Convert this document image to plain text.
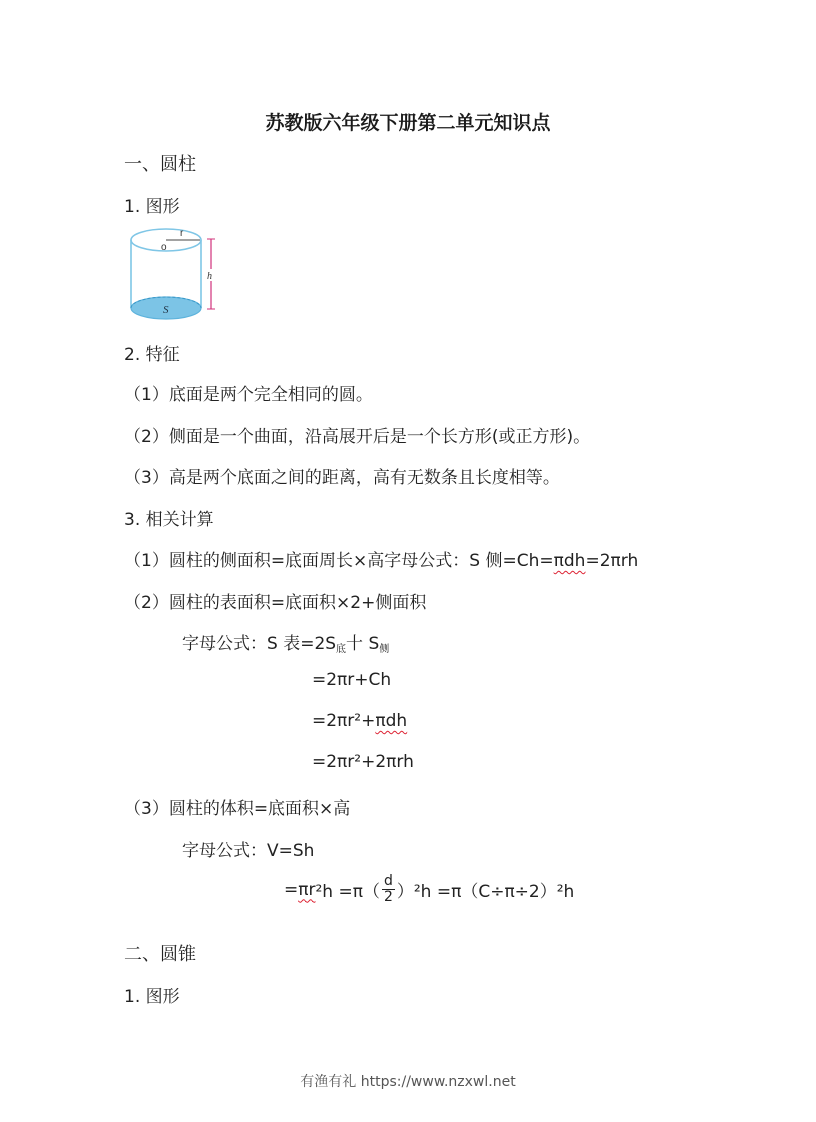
苏教版六年级下册第二单元知识点
一、圆柱
1. 图形
r
o
h
S
2. 特征
（1）底面是两个完全相同的圆。
（2）侧面是一个曲面，沿高展开后是一个长方形(或正方形)。
（3）高是两个底面之间的距离，高有无数条且长度相等。
3. 相关计算
（1）圆柱的侧面积=底面周长×高字母公式：S 侧=Ch=πdh=2πrh
（2）圆柱的表面积=底面积×2+侧面积
字母公式：S 表$=2S_底$十 $S_侧$
=2πr+Ch
=2πr²+πdh
=2πr²+2πrh
（3）圆柱的体积=底面积×高
字母公式：V=Sh
= πr $^2h =\pi( \frac{d}{2} )^2h =\pi(C\div\pi\div 2)^2h$
二、圆锥
1. 图形
有渔有礼 https://www.nzxwl.net
